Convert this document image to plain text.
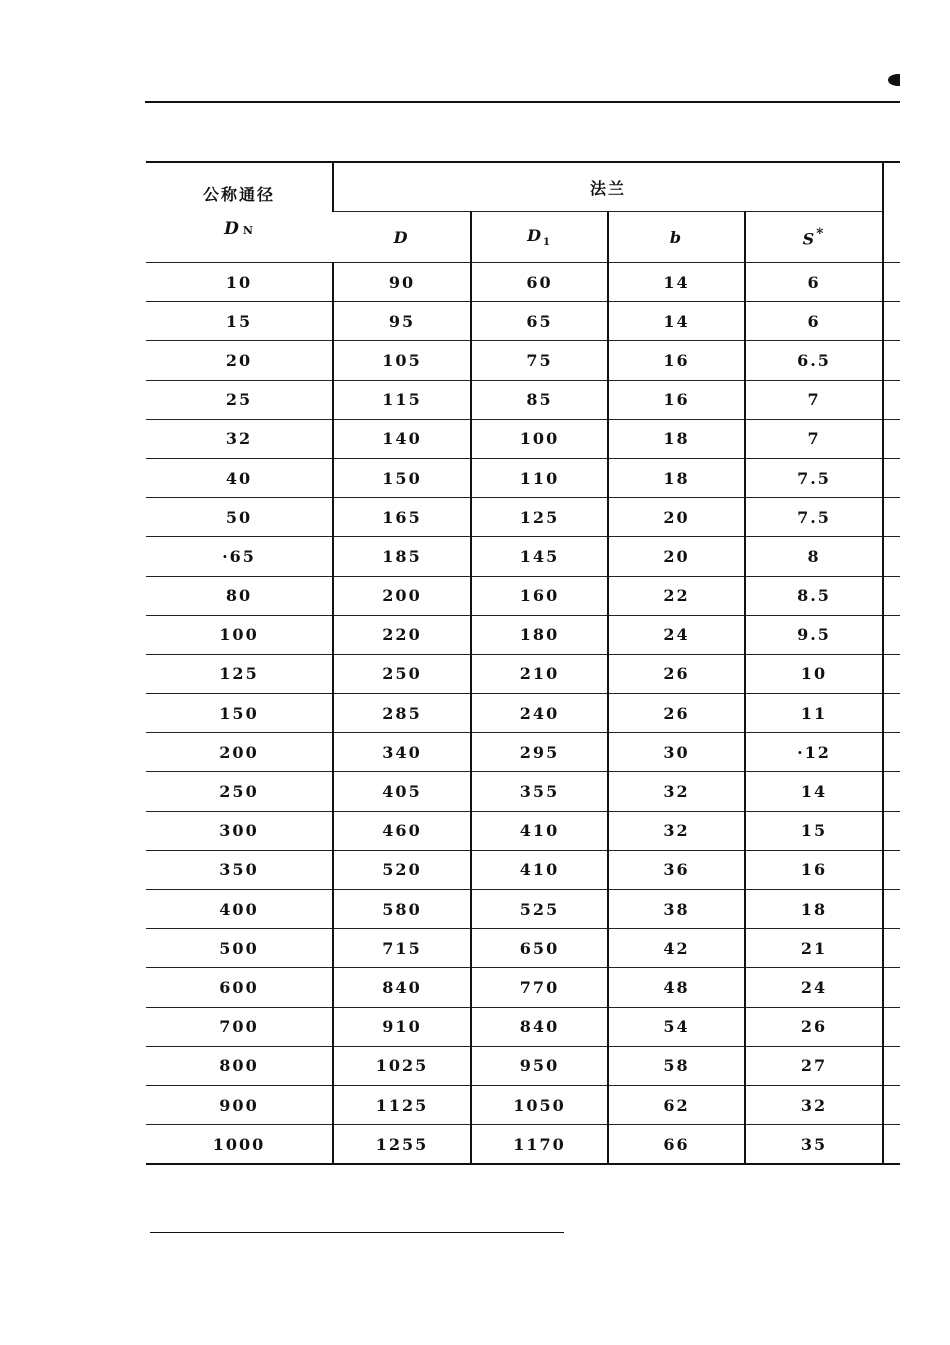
公称通径
D N	法兰				
	D	$D_1$	b	S*
10	90	60	14	6	
15	95	65	14	6	
20	105	75	16	6.5	
25	115	85	16	7	
32	140	100	18	7	
40	150	110	18	7.5	
50	165	125	20	7.5	
·65	185	145	20	8	
80	200	160	22	8.5	
100	220	180	24	9.5	
125	250	210	26	10	
150	285	240	26	11	
200	340	295	30	·12	
250	405	355	32	14	
300	460	410	32	15	
350	520	410	36	16	
400	580	525	38	18	
500	715	650	42	21	
600	840	770	48	24	
700	910	840	54	26	
800	1025	950	58	27	
900	1125	1050	62	32	
1000	1255	1170	66	35	
